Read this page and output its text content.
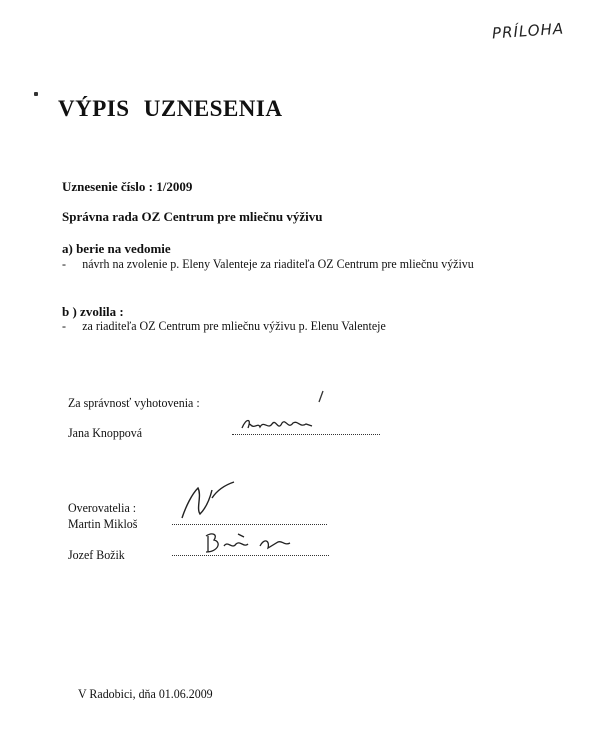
PRÍLOHA
VÝPIS UZNESENIA
Uznesenie číslo : 1/2009
Správna rada OZ Centrum pre mliečnu výživu
a) berie na vedomie
- návrh na zvolenie p. Eleny Valenteje za riaditeľa OZ Centrum pre mliečnu výživu
b ) zvolila :
- za riaditeľa OZ Centrum pre mliečnu výživu p. Elenu Valenteje
Za správnosť vyhotovenia :
Jana Knoppová
Overovatelia :
Martin Mikloš
Jozef Božik
V Radobici, dňa 01.06.2009
